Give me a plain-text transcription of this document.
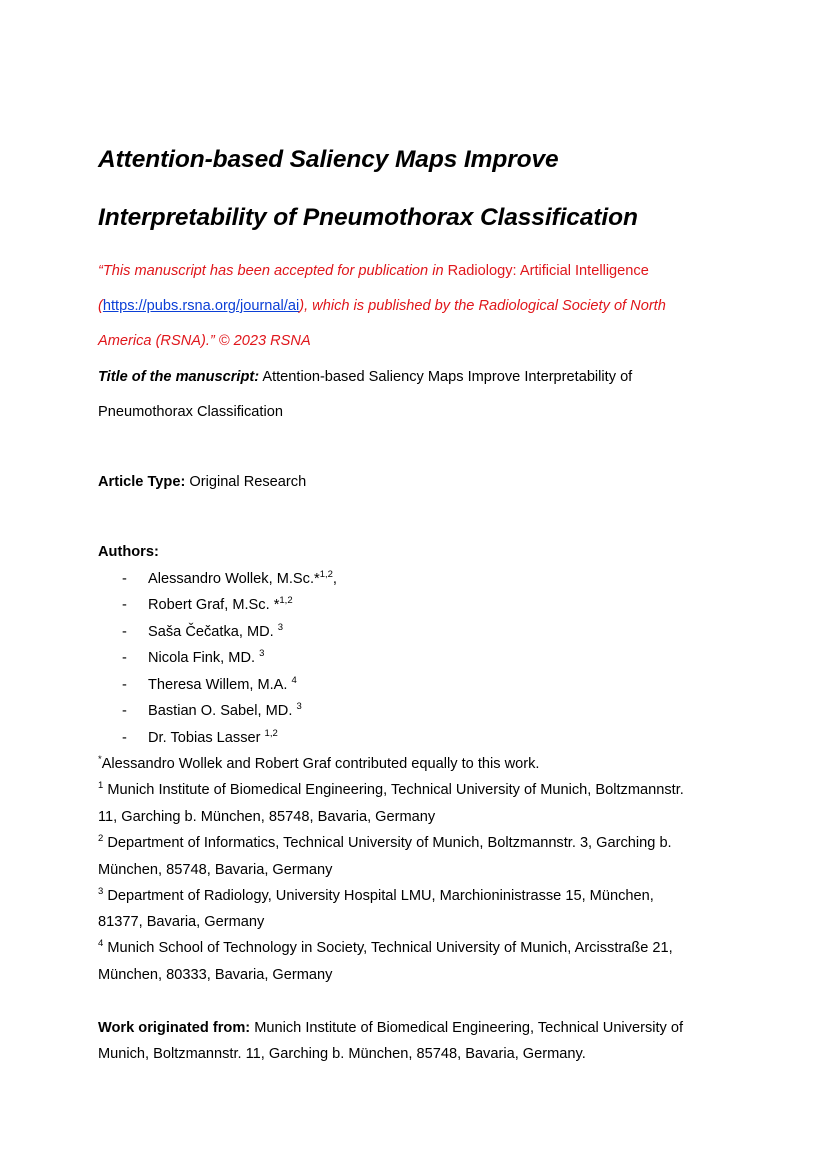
Attention-based Saliency Maps Improve
Interpretability of Pneumothorax Classification
“This manuscript has been accepted for publication in Radiology: Artificial Intelligence
(https://pubs.rsna.org/journal/ai), which is published by the Radiological Society of North
America (RSNA).” © 2023 RSNA
Title of the manuscript: Attention-based Saliency Maps Improve Interpretability of
Pneumothorax Classification
Article Type: Original Research
Authors:
- Alessandro Wollek, M.Sc.*$^{1,2}$,
- Robert Graf, M.Sc. *$^{1,2}$
- Saša Čečatka, MD. $^3$
- Nicola Fink, MD. $^3$
- Theresa Willem, M.A. $^4$
- Bastian O. Sabel, MD. $^3$
- Dr. Tobias Lasser $^{1,2}$
*Alessandro Wollek and Robert Graf contributed equally to this work.
$^1$ Munich Institute of Biomedical Engineering, Technical University of Munich, Boltzmannstr.
11, Garching b. München, 85748, Bavaria, Germany
$^2$ Department of Informatics, Technical University of Munich, Boltzmannstr. 3, Garching b.
München, 85748, Bavaria, Germany
$^3$ Department of Radiology, University Hospital LMU, Marchioninistrasse 15, München,
81377, Bavaria, Germany
$^4$ Munich School of Technology in Society, Technical University of Munich, Arcisstraße 21,
München, 80333, Bavaria, Germany
Work originated from: Munich Institute of Biomedical Engineering, Technical University of
Munich, Boltzmannstr. 11, Garching b. München, 85748, Bavaria, Germany.
